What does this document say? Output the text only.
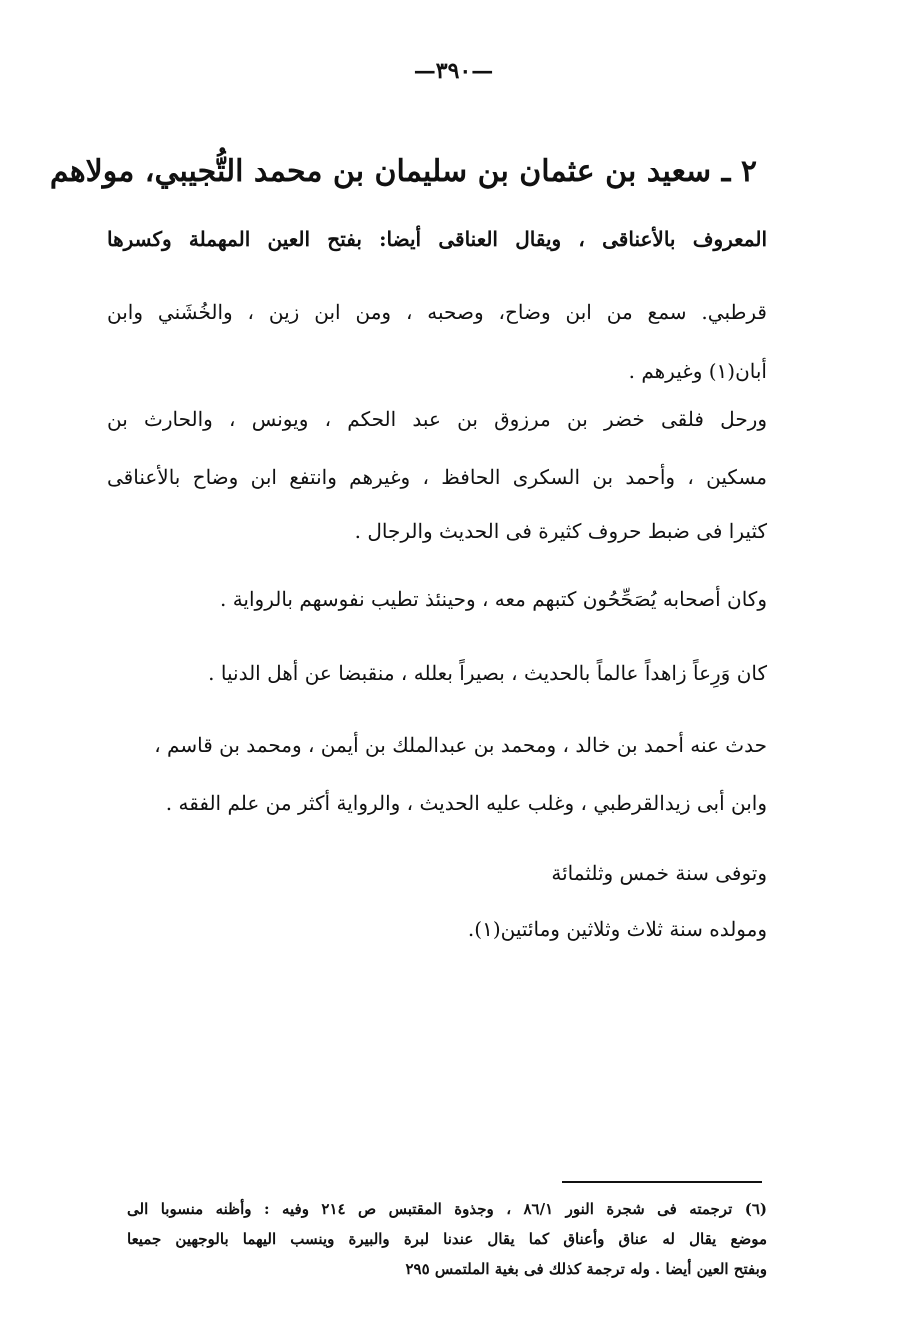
—٣٩٠—
٢ ـ سعيد بن عثمان بن سليمان بن محمد التُّجيبي، مولاهم
المعروف بالأعناقى ، ويقال العناقى أيضا: بفتح العين المهملة وكسرها
قرطبي. سمع من ابن وضاح، وصحبه ، ومن ابن زين ، والخُشَني وابن
أبان(١) وغيرهم .
ورحل فلقى خضر بن مرزوق بن عبد الحكم ، ويونس ، والحارث بن
مسكين ، وأحمد بن السكرى الحافظ ، وغيرهم وانتفع ابن وضاح بالأعناقى
كثيرا فى ضبط حروف كثيرة فى الحديث والرجال .
وكان أصحابه يُصَحِّحُون كتبهم معه ، وحينئذ تطيب نفوسهم بالرواية .
كان وَرِعاً زاهداً عالماً بالحديث ، بصيراً بعلله ، منقبضا عن أهل الدنيا .
حدث عنه أحمد بن خالد ، ومحمد بن عبدالملك بن أيمن ، ومحمد بن قاسم ،
وابن أبى زيدالقرطبي ، وغلب عليه الحديث ، والرواية أكثر من علم الفقه .
وتوفى سنة خمس وثلثمائة
ومولده سنة ثلاث وثلاثين ومائتين(١).
(٦) ترجمته فى شجرة النور ٨٦/١ ، وجذوة المقتبس ص ٢١٤ وفيه : وأظنه منسوبا الى
موضع يقال له عناق وأعناق كما يقال عندنا لبرة والبيرة وينسب اليهما بالوجهين جميعا
وبفتح العين أيضا . وله ترجمة كذلك فى بغية الملتمس ٢٩٥
